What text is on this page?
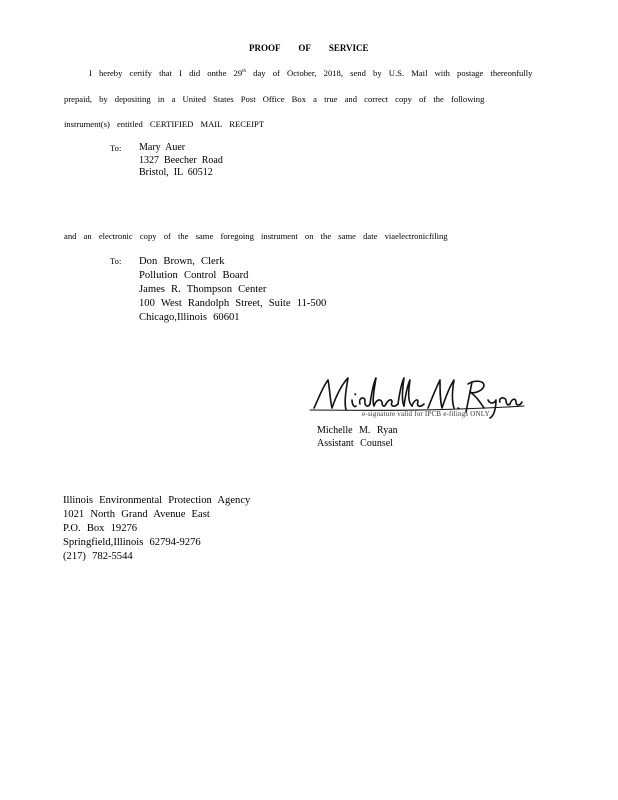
PROOF OF SERVICE
I hereby certify that I did onthe 29th day of October, 2018, send by U.S. Mail with postage thereonfully
prepaid, by depositing in a United States Post Office Box a true and correct copy of the following
instrument(s) entitled CERTIFIED MAIL RECEIPT
To: Mary Auer
1327 Beecher Road
Bristol, IL 60512
and an electronic copy of the same foregoing instrument on the same date viaelectronicfiling
To: Don Brown, Clerk
Pollution Control Board
James R. Thompson Center
100 West Randolph Street, Suite 11-500
Chicago,Illinois 60601
e-signature valid for IPCB e-filings ONLY
Michelle M. Ryan
Assistant Counsel
Illinois Environmental Protection Agency
1021 North Grand Avenue East
P.O. Box 19276
Springfield,Illinois 62794-9276
(217) 782-5544
